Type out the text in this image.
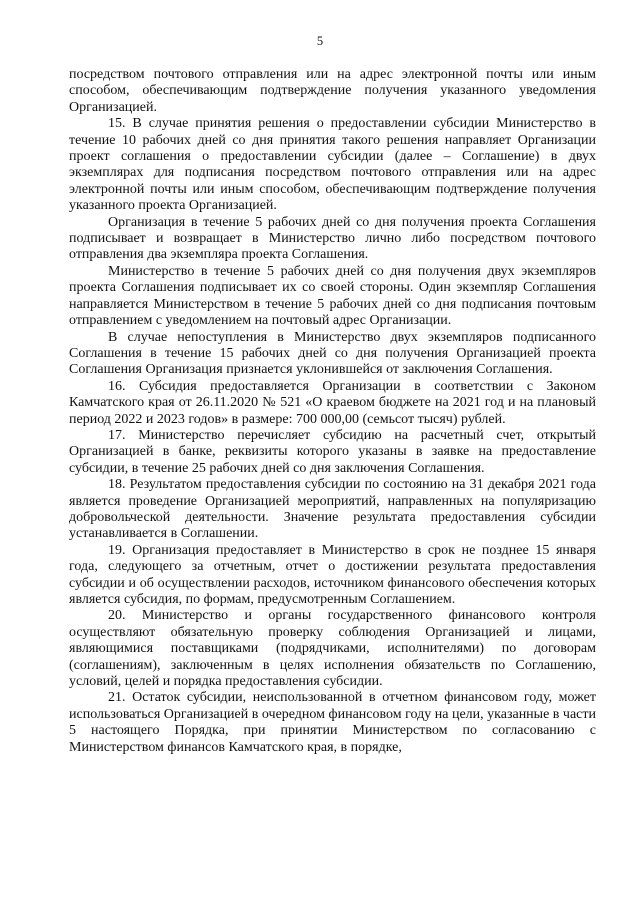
5

посредством почтового отправления или на адрес электронной почты или иным способом, обеспечивающим подтверждение получения указанного уведомления Организацией.

15. В случае принятия решения о предоставлении субсидии Министерство в течение 10 рабочих дней со дня принятия такого решения направляет Организации проект соглашения о предоставлении субсидии (далее – Соглашение) в двух экземплярах для подписания посредством почтового отправления или на адрес электронной почты или иным способом, обеспечивающим подтверждение получения указанного проекта Организацией.

Организация в течение 5 рабочих дней со дня получения проекта Соглашения подписывает и возвращает в Министерство лично либо посредством почтового отправления два экземпляра проекта Соглашения.

Министерство в течение 5 рабочих дней со дня получения двух экземпляров проекта Соглашения подписывает их со своей стороны. Один экземпляр Соглашения направляется Министерством в течение 5 рабочих дней со дня подписания почтовым отправлением с уведомлением на почтовый адрес Организации.

В случае непоступления в Министерство двух экземпляров подписанного Соглашения в течение 15 рабочих дней со дня получения Организацией проекта Соглашения Организация признается уклонившейся от заключения Соглашения.

16. Субсидия предоставляется Организации в соответствии с Законом Камчатского края от 26.11.2020 № 521 «О краевом бюджете на 2021 год и на плановый период 2022 и 2023 годов» в размере: 700 000,00 (семьсот тысяч) рублей.

17. Министерство перечисляет субсидию на расчетный счет, открытый Организацией в банке, реквизиты которого указаны в заявке на предоставление субсидии, в течение 25 рабочих дней со дня заключения Соглашения.

18. Результатом предоставления субсидии по состоянию на 31 декабря 2021 года является проведение Организацией мероприятий, направленных на популяризацию добровольческой деятельности. Значение результата предоставления субсидии устанавливается в Соглашении.

19. Организация предоставляет в Министерство в срок не позднее 15 января года, следующего за отчетным, отчет о достижении результата предоставления субсидии и об осуществлении расходов, источником финансового обеспечения которых является субсидия, по формам, предусмотренным Соглашением.

20. Министерство и органы государственного финансового контроля осуществляют обязательную проверку соблюдения Организацией и лицами, являющимися поставщиками (подрядчиками, исполнителями) по договорам (соглашениям), заключенным в целях исполнения обязательств по Соглашению, условий, целей и порядка предоставления субсидии.

21. Остаток субсидии, неиспользованной в отчетном финансовом году, может использоваться Организацией в очередном финансовом году на цели, указанные в части 5 настоящего Порядка, при принятии Министерством по согласованию с Министерством финансов Камчатского края, в порядке,
